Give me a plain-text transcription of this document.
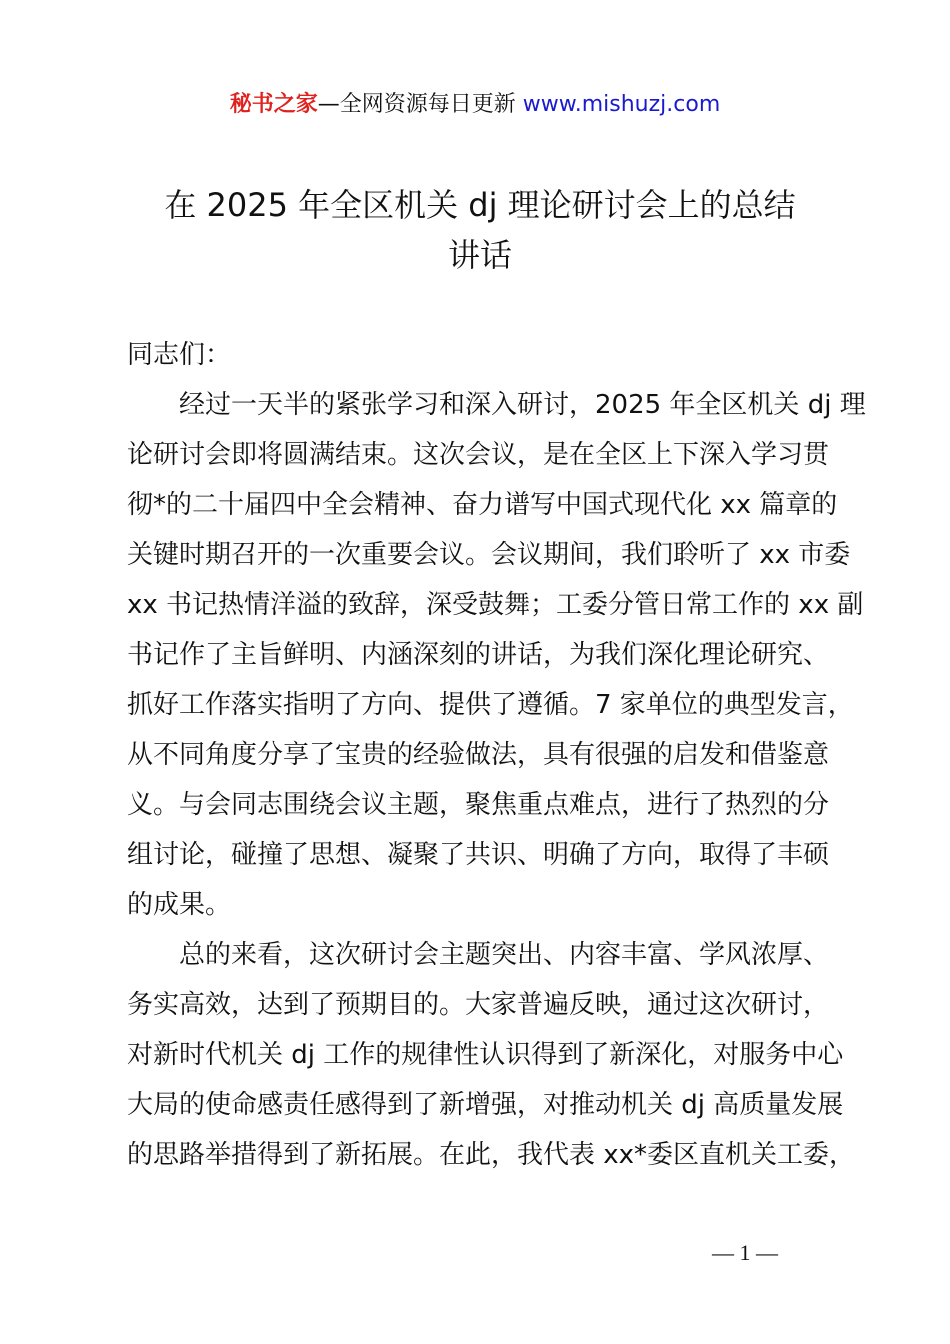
秘书之家—全网资源每日更新 www.mishuzj.com
在 2025 年全区机关 dj 理论研讨会上的总结
讲话
同志们：
经过一天半的紧张学习和深入研讨，2025 年全区机关 dj 理
论研讨会即将圆满结束。这次会议，是在全区上下深入学习贯
彻*的二十届四中全会精神、奋力谱写中国式现代化 xx 篇章的
关键时期召开的一次重要会议。会议期间，我们聆听了 xx 市委
xx 书记热情洋溢的致辞，深受鼓舞；工委分管日常工作的 xx 副
书记作了主旨鲜明、内涵深刻的讲话，为我们深化理论研究、
抓好工作落实指明了方向、提供了遵循。7 家单位的典型发言，
从不同角度分享了宝贵的经验做法，具有很强的启发和借鉴意
义。与会同志围绕会议主题，聚焦重点难点，进行了热烈的分
组讨论，碰撞了思想、凝聚了共识、明确了方向，取得了丰硕
的成果。
总的来看，这次研讨会主题突出、内容丰富、学风浓厚、
务实高效，达到了预期目的。大家普遍反映，通过这次研讨，
对新时代机关 dj 工作的规律性认识得到了新深化，对服务中心
大局的使命感责任感得到了新增强，对推动机关 dj 高质量发展
的思路举措得到了新拓展。在此，我代表 xx*委区直机关工委，
— 1 —
